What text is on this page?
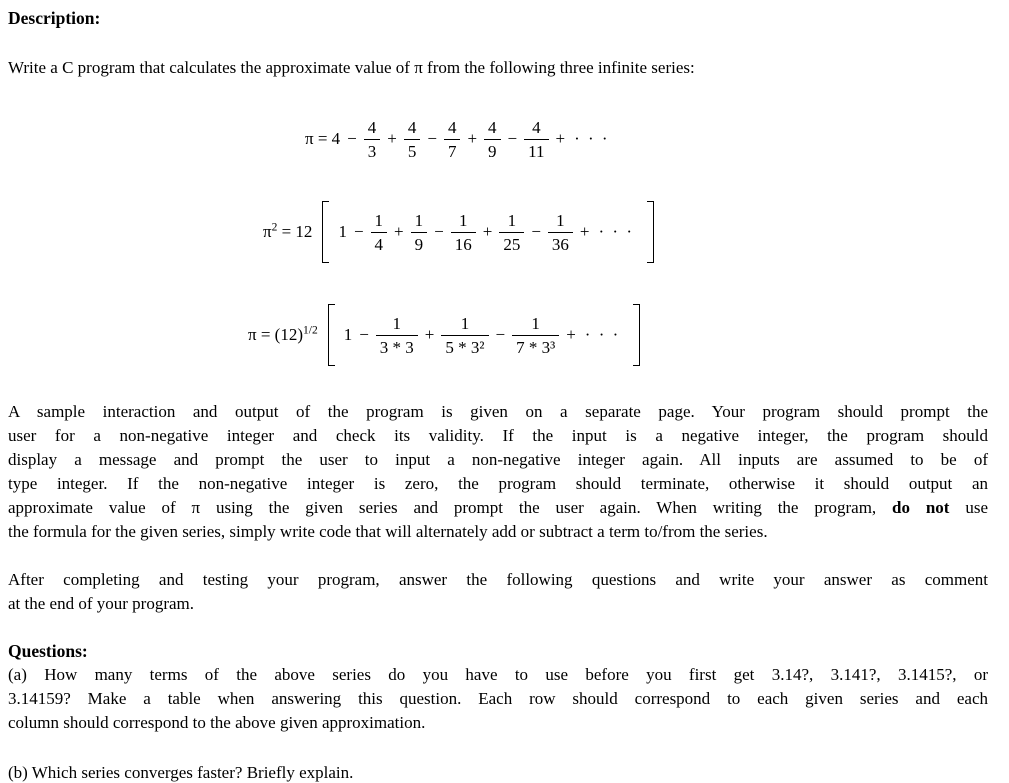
Description:
Write a C program that calculates the approximate value of π from the following three infinite series:
$\pi = 4 - \frac{4}{3} + \frac{4}{5} - \frac{4}{7} + \frac{4}{9} - \frac{4}{11}$ + · · ·
$\pi^2 = 12$ $1 - \frac{1}{4} + \frac{1}{9} - \frac{1}{16} + \frac{1}{25} - \frac{1}{36}$ + · · ·
$\pi = (12)^{1/2}$ $1 - \frac{1}{3 * 3} + \frac{1}{\text{5 * 3²}} - \frac{1}{\text{7 * 3³}}$ + · · ·
A sample interaction and output of the program is given on a separate page. Your program should prompt the
user for a non-negative integer and check its validity. If the input is a negative integer, the program should
display a message and prompt the user to input a non-negative integer again. All inputs are assumed to be of
type integer. If the non-negative integer is zero, the program should terminate, otherwise it should output an
approximate value of π using the given series and prompt the user again. When writing the program, do not use
the formula for the given series, simply write code that will alternately add or subtract a term to/from the series.
After completing and testing your program, answer the following questions and write your answer as comment
at the end of your program.
Questions:
(a) How many terms of the above series do you have to use before you first get 3.14?, 3.141?, 3.1415?, or
3.14159? Make a table when answering this question. Each row should correspond to each given series and each
column should correspond to the above given approximation.
(b) Which series converges faster? Briefly explain.
